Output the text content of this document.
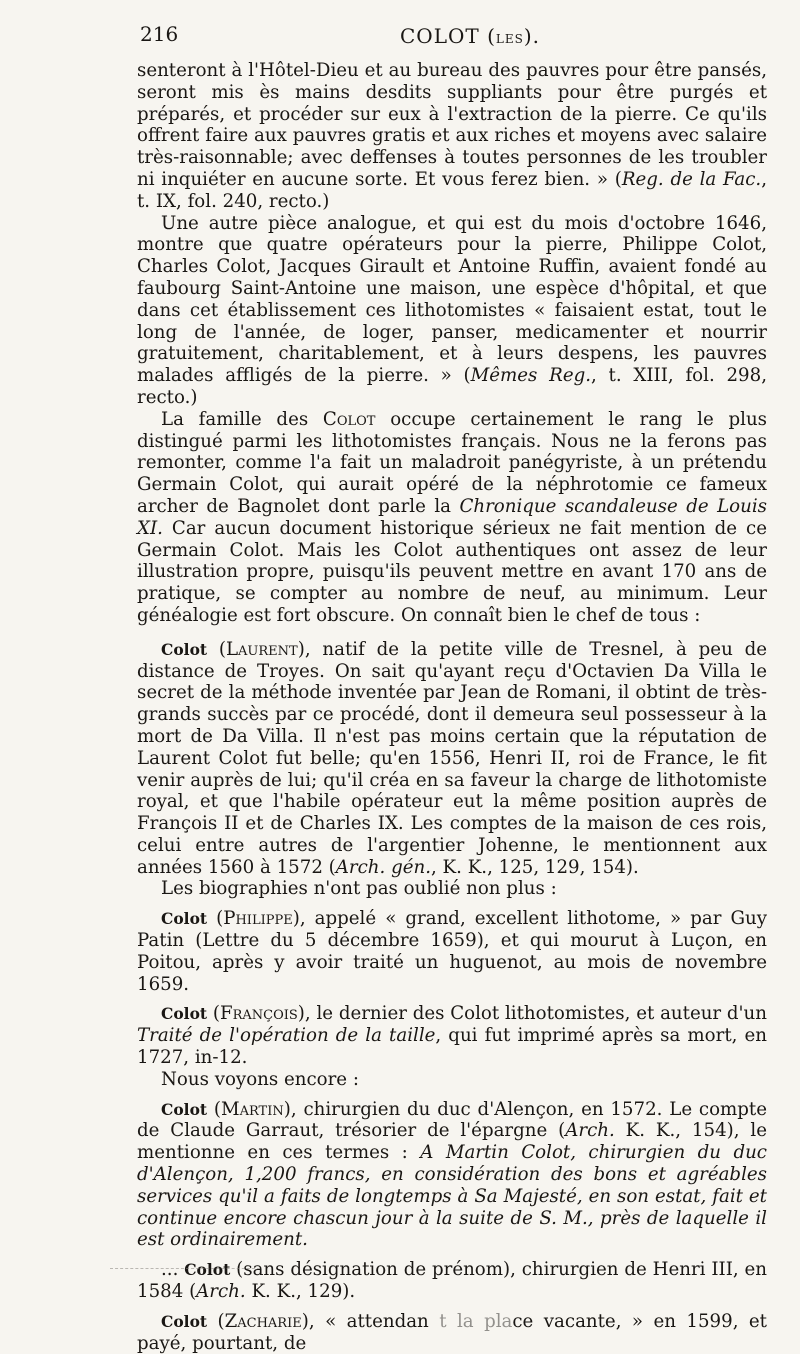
216	COLOT (les).

senteront à l'Hôtel-Dieu et au bureau des pauvres pour être pansés, seront mis ès mains desdits suppliants pour être purgés et préparés, et procéder sur eux à l'extraction de la pierre. Ce qu'ils offrent faire aux pauvres gratis et aux riches et moyens avec salaire très-raisonnable; avec deffenses à toutes personnes de les troubler ni inquiéter en aucune sorte. Et vous ferez bien. » (Reg. de la Fac., t. IX, fol. 240, recto.)

Une autre pièce analogue, et qui est du mois d'octobre 1646, montre que quatre opérateurs pour la pierre, Philippe Colot, Charles Colot, Jacques Girault et Antoine Ruffin, avaient fondé au faubourg Saint-Antoine une maison, une espèce d'hôpital, et que dans cet établissement ces lithotomistes « faisaient estat, tout le long de l'année, de loger, panser, medicamenter et nourrir gratuitement, charitablement, et à leurs despens, les pauvres malades affligés de la pierre. » (Mêmes Reg., t. XIII, fol. 298, recto.)

La famille des Colot occupe certainement le rang le plus distingué parmi les lithotomistes français. Nous ne la ferons pas remonter, comme l'a fait un maladroit panégyriste, à un prétendu Germain Colot, qui aurait opéré de la néphrotomie ce fameux archer de Bagnolet dont parle la Chronique scandaleuse de Louis XI. Car aucun document historique sérieux ne fait mention de ce Germain Colot. Mais les Colot authentiques ont assez de leur illustration propre, puisqu'ils peuvent mettre en avant 170 ans de pratique, se compter au nombre de neuf, au minimum. Leur généalogie est fort obscure. On connaît bien le chef de tous :

Colot (Laurent), natif de la petite ville de Tresnel, à peu de distance de Troyes. On sait qu'ayant reçu d'Octavien Da Villa le secret de la méthode inventée par Jean de Romani, il obtint de très-grands succès par ce procédé, dont il demeura seul possesseur à la mort de Da Villa. Il n'est pas moins certain que la réputation de Laurent Colot fut belle; qu'en 1556, Henri II, roi de France, le fit venir auprès de lui; qu'il créa en sa faveur la charge de lithotomiste royal, et que l'habile opérateur eut la même position auprès de François II et de Charles IX. Les comptes de la maison de ces rois, celui entre autres de l'argentier Johenne, le mentionnent aux années 1560 à 1572 (Arch. gén., K. K., 125, 129, 154).

Les biographies n'ont pas oublié non plus :

Colot (Philippe), appelé « grand, excellent lithotome, » par Guy Patin (Lettre du 5 décembre 1659), et qui mourut à Luçon, en Poitou, après y avoir traité un huguenot, au mois de novembre 1659.

Colot (François), le dernier des Colot lithotomistes, et auteur d'un Traité de l'opération de la taille, qui fut imprimé après sa mort, en 1727, in-12.

Nous voyons encore :

Colot (Martin), chirurgien du duc d'Alençon, en 1572. Le compte de Claude Garraut, trésorier de l'épargne (Arch. K. K., 154), le mentionne en ces termes : A Martin Colot, chirurgien du duc d'Alençon, 1,200 francs, en considération des bons et agréables services qu'il a faits de longtemps à Sa Majesté, en son estat, fait et continue encore chascun jour à la suite de S. M., près de laquelle il est ordinairement.

... Colot (sans désignation de prénom), chirurgien de Henri III, en 1584 (Arch. K. K., 129).

Colot (Zacharie), « attendan t la place vacante, » en 1599, et payé, pourtant, de
